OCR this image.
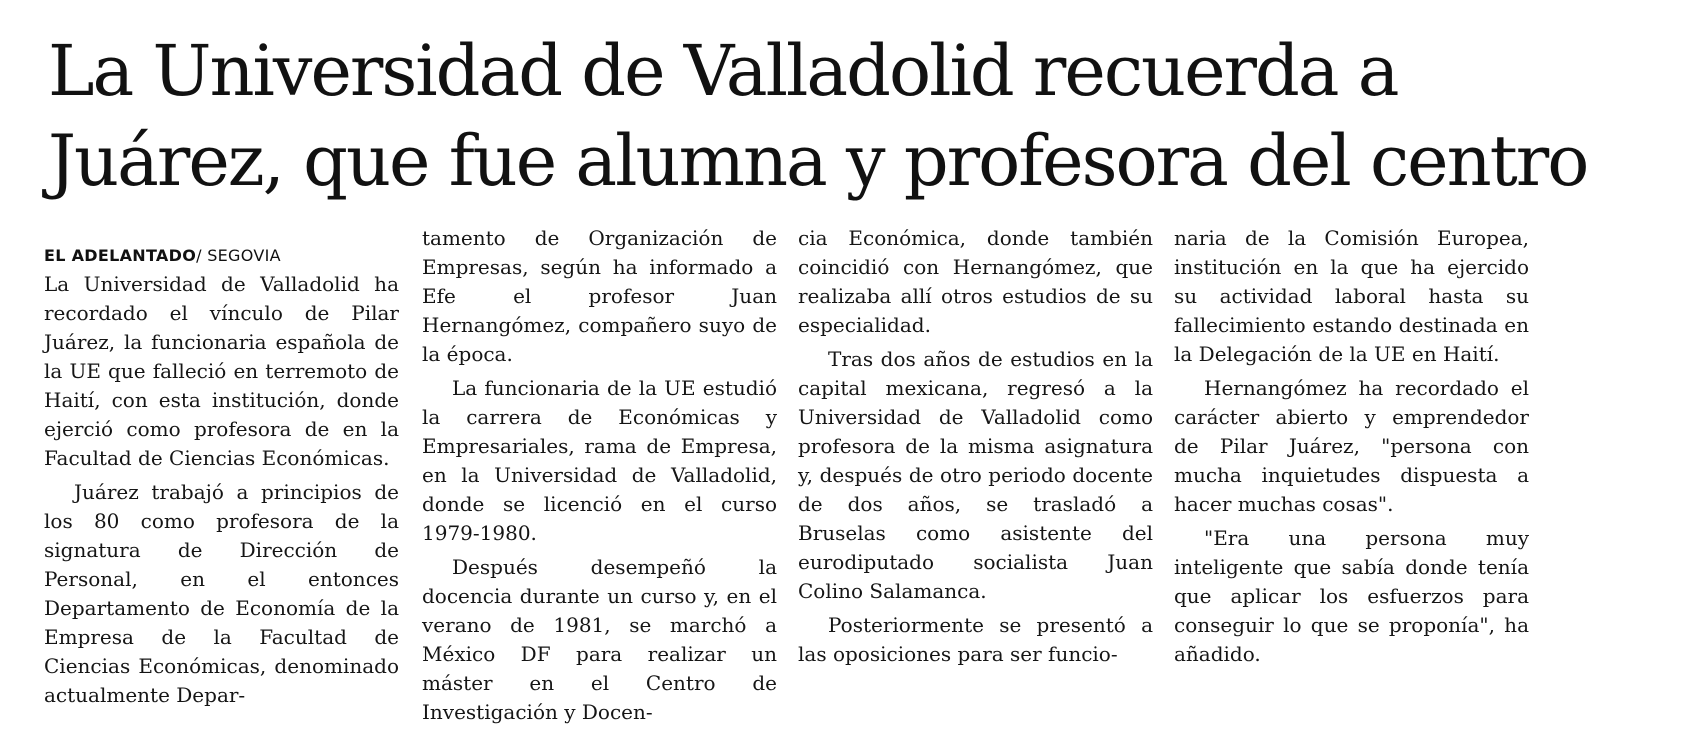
La Universidad de Valladolid recuerda a
Juárez, que fue alumna y profesora del centro
EL ADELANTADO/ SEGOVIA

La Universidad de Valladolid ha recordado el vínculo de Pilar Juárez, la funcionaria española de la UE que falleció en terremoto de Haití, con esta institución, donde ejerció como profesora de en la Facultad de Ciencias Económicas.

Juárez trabajó a principios de los 80 como profesora de la signatura de Dirección de Personal, en el entonces Departamento de Economía de la Empresa de la Facultad de Ciencias Económicas, denominado actualmente Depar-

tamento de Organización de Empresas, según ha informado a Efe el profesor Juan Hernangómez, compañero suyo de la época.

La funcionaria de la UE estudió la carrera de Económicas y Empresariales, rama de Empresa, en la Universidad de Valladolid, donde se licenció en el curso 1979-1980.

Después desempeñó la docencia durante un curso y, en el verano de 1981, se marchó a México DF para realizar un máster en el Centro de Investigación y Docen-

cia Económica, donde también coincidió con Hernangómez, que realizaba allí otros estudios de su especialidad.

Tras dos años de estudios en la capital mexicana, regresó a la Universidad de Valladolid como profesora de la misma asignatura y, después de otro periodo docente de dos años, se trasladó a Bruselas como asistente del eurodiputado socialista Juan Colino Salamanca.

Posteriormente se presentó a las oposiciones para ser funcio-

naria de la Comisión Europea, institución en la que ha ejercido su actividad laboral hasta su fallecimiento estando destinada en la Delegación de la UE en Haití.

Hernangómez ha recordado el carácter abierto y emprendedor de Pilar Juárez, "persona con mucha inquietudes dispuesta a hacer muchas cosas".

"Era una persona muy inteligente que sabía donde tenía que aplicar los esfuerzos para conseguir lo que se proponía", ha añadido.
